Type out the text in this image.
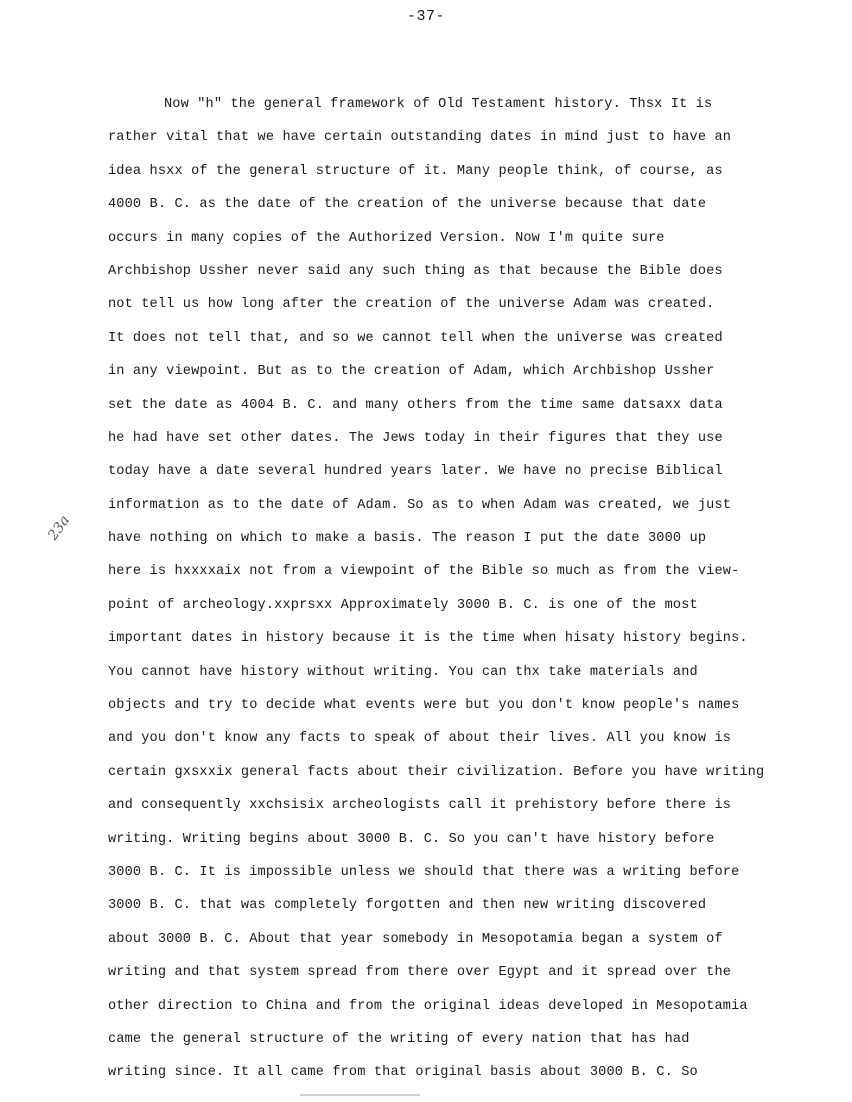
-37-
23a
Now "h" the general framework of Old Testament history. Thsx It is
rather vital that we have certain outstanding dates in mind just to have an
idea hsxx of the general structure of it. Many people think, of course, as
4000 B. C. as the date of the creation of the universe because that date
occurs in many copies of the Authorized Version. Now I'm quite sure
Archbishop Ussher never said any such thing as that because the Bible does
not tell us how long after the creation of the universe Adam was created.
It does not tell that, and so we cannot tell when the universe was created
in any viewpoint. But as to the creation of Adam, which Archbishop Ussher
set the date as 4004 B. C. and many others from the time same datsaxx data
he had have set other dates. The Jews today in their figures that they use
today have a date several hundred years later. We have no precise Biblical
information as to the date of Adam. So as to when Adam was created, we just
have nothing on which to make a basis. The reason I put the date 3000 up
here is hxxxxaix not from a viewpoint of the Bible so much as from the view-
point of archeology.xxprsxx Approximately 3000 B. C. is one of the most
important dates in history because it is the time when hisaty history begins.
You cannot have history without writing. You can thx take materials and
objects and try to decide what events were but you don't know people's names
and you don't know any facts to speak of about their lives. All you know is
certain gxsxxix general facts about their civilization. Before you have writing
and consequently xxchsisix archeologists call it prehistory before there is
writing. Writing begins about 3000 B. C. So you can't have history before
3000 B. C. It is impossible unless we should that there was a writing before
3000 B. C. that was completely forgotten and then new writing discovered
about 3000 B. C. About that year somebody in Mesopotamia began a system of
writing and that system spread from there over Egypt and it spread over the
other direction to China and from the original ideas developed in Mesopotamia
came the general structure of the writing of every nation that has had
writing since. It all came from that original basis about 3000 B. C. So
